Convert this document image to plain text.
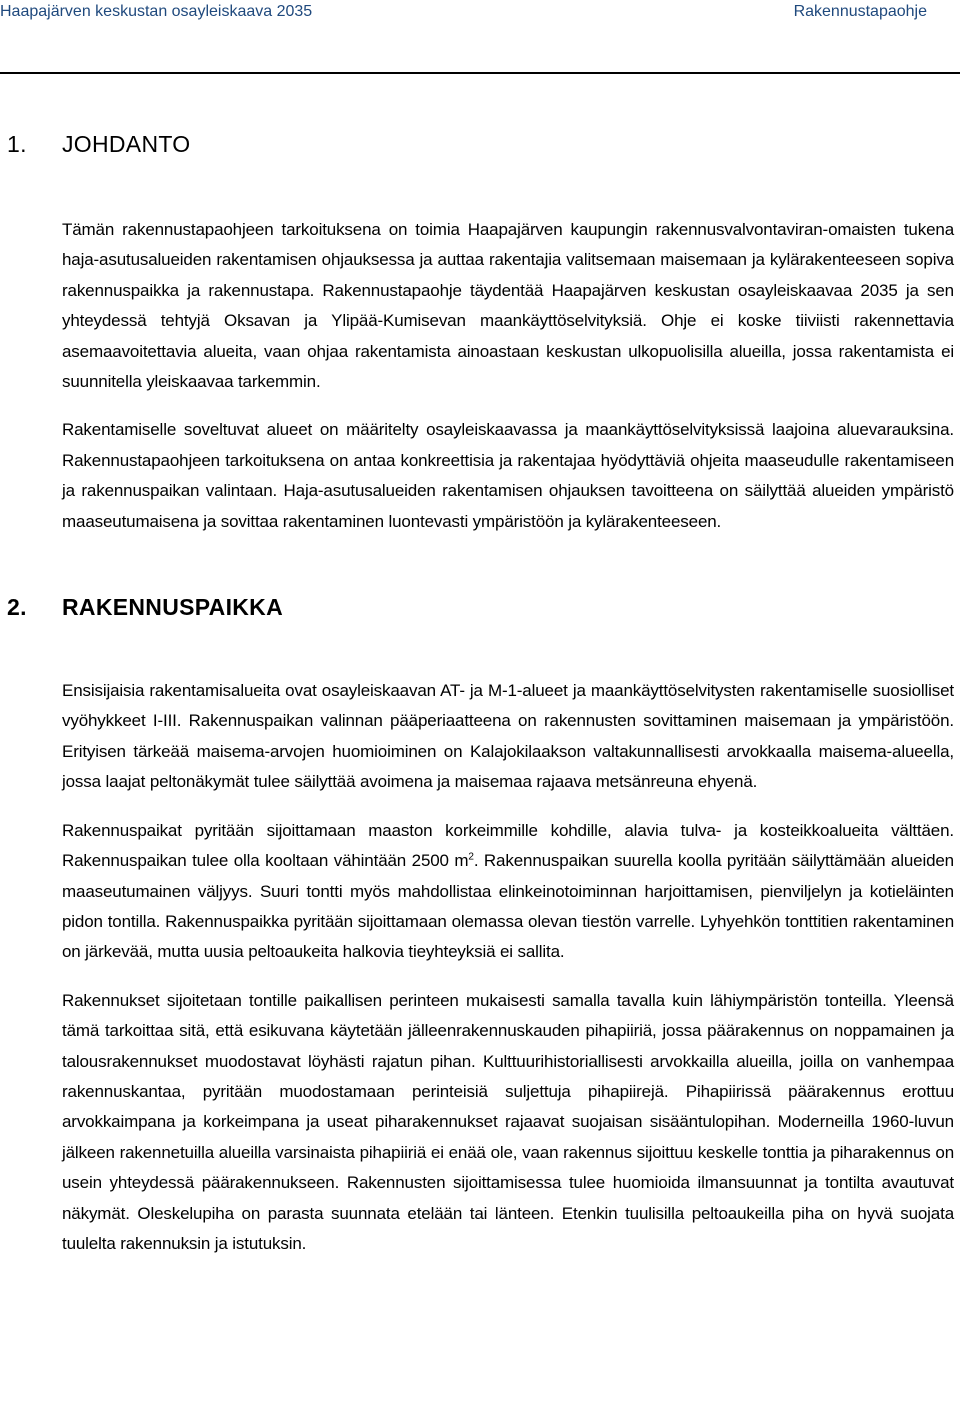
Haapajärven keskustan osayleiskaava 2035	Rakennustapaohje
1. JOHDANTO

Tämän rakennustapaohjeen tarkoituksena on toimia Haapajärven kaupungin rakennusvalvontaviran-omaisten tukena haja-asutusalueiden rakentamisen ohjauksessa ja auttaa rakentajia valitsemaan maisemaan ja kylärakenteeseen sopiva rakennuspaikka ja rakennustapa. Rakennustapaohje täydentää Haapajärven keskustan osayleiskaavaa 2035 ja sen yhteydessä tehtyjä Oksavan ja Ylipää-Kumisevan maankäyttöselvityksiä. Ohje ei koske tiiviisti rakennettavia asemaavoitettavia alueita, vaan ohjaa rakentamista ainoastaan keskustan ulkopuolisilla alueilla, jossa rakentamista ei suunnitella yleiskaavaa tarkemmin.

Rakentamiselle soveltuvat alueet on määritelty osayleiskaavassa ja maankäyttöselvityksissä laajoina aluevarauksina. Rakennustapaohjeen tarkoituksena on antaa konkreettisia ja rakentajaa hyödyttäviä ohjeita maaseudulle rakentamiseen ja rakennuspaikan valintaan. Haja-asutusalueiden rakentamisen ohjauksen tavoitteena on säilyttää alueiden ympäristö maaseutumaisena ja sovittaa rakentaminen luontevasti ympäristöön ja kylärakenteeseen.

2. RAKENNUSPAIKKA

Ensisijaisia rakentamisalueita ovat osayleiskaavan AT- ja M-1-alueet ja maankäyttöselvitysten rakentamiselle suosiolliset vyöhykkeet I-III. Rakennuspaikan valinnan pääperiaatteena on rakennusten sovittaminen maisemaan ja ympäristöön. Erityisen tärkeää maisema-arvojen huomioiminen on Kalajokilaakson valtakunnallisesti arvokkaalla maisema-alueella, jossa laajat peltonäkymät tulee säilyttää avoimena ja maisemaa rajaava metsänreuna ehyenä.

Rakennuspaikat pyritään sijoittamaan maaston korkeimmille kohdille, alavia tulva- ja kosteikkoalueita välttäen. Rakennuspaikan tulee olla kooltaan vähintään 2500 $m^2$. Rakennuspaikan suurella koolla pyritään säilyttämään alueiden maaseutumainen väljyys. Suuri tontti myös mahdollistaa elinkeinotoiminnan harjoittamisen, pienviljelyn ja kotieläinten pidon tontilla. Rakennuspaikka pyritään sijoittamaan olemassa olevan tiestön varrelle. Lyhyehkön tonttitien rakentaminen on järkevää, mutta uusia peltoaukeita halkovia tieyhteyksiä ei sallita.

Rakennukset sijoitetaan tontille paikallisen perinteen mukaisesti samalla tavalla kuin lähiympäristön tonteilla. Yleensä tämä tarkoittaa sitä, että esikuvana käytetään jälleenrakennuskauden pihapiiriä, jossa päärakennus on noppamainen ja talousrakennukset muodostavat löyhästi rajatun pihan. Kulttuurihistoriallisesti arvokkailla alueilla, joilla on vanhempaa rakennuskantaa, pyritään muodostamaan perinteisiä suljettuja pihapiirejä. Pihapiirissä päärakennus erottuu arvokkaimpana ja korkeimpana ja useat piharakennukset rajaavat suojaisan sisääntulopihan. Moderneilla 1960-luvun jälkeen rakennetuilla alueilla varsinaista pihapiiriä ei enää ole, vaan rakennus sijoittuu keskelle tonttia ja piharakennus on usein yhteydessä päärakennukseen. Rakennusten sijoittamisessa tulee huomioida ilmansuunnat ja tontilta avautuvat näkymät. Oleskelupiha on parasta suunnata etelään tai länteen. Etenkin tuulisilla peltoaukeilla piha on hyvä suojata tuulelta rakennuksin ja istutuksin.
